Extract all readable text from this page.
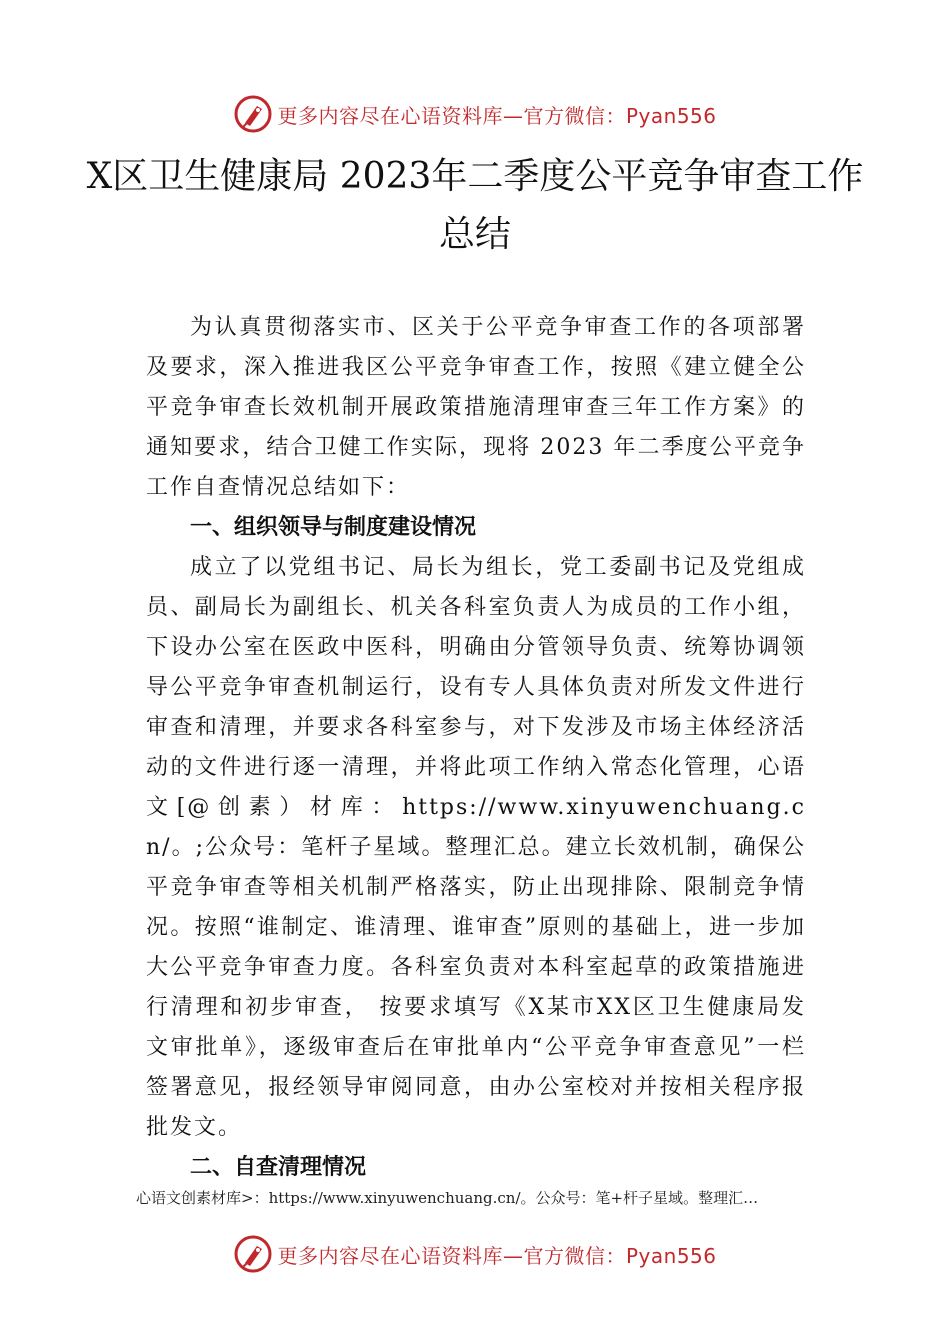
更多内容尽在心语资料库—官方微信：Pyan556
X区卫生健康局 2023年二季度公平竞争审查工作总结

为认真贯彻落实市、区关于公平竞争审查工作的各项部署及要求，深入推进我区公平竞争审查工作，按照《建立健全公平竞争审查长效机制开展政策措施清理审查三年工作方案》的通知要求，结合卫健工作实际，现将 2023 年二季度公平竞争工作自查情况总结如下：

一、组织领导与制度建设情况

成立了以党组书记、局长为组长，党工委副书记及党组成员、副局长为副组长、机关各科室负责人为成员的工作小组，下设办公室在医政中医科，明确由分管领导负责、统筹协调领导公平竞争审查机制运行，设有专人具体负责对所发文件进行审查和清理，并要求各科室参与，对下发涉及市场主体经济活动的文件进行逐一清理，并将此项工作纳入常态化管理，心语文[@创素）材库：https://www.xinyuwenchuang.cn/。;公众号：笔杆子星域。整理汇总。建立长效机制，确保公平竞争审查等相关机制严格落实，防止出现排除、限制竞争情况。按照“谁制定、谁清理、谁审查”原则的基础上，进一步加大公平竞争审查力度。各科室负责对本科室起草的政策措施进行清理和初步审查， 按要求填写《X某市XX区卫生健康局发文审批单》，逐级审查后在审批单内“公平竞争审查意见”一栏签署意见，报经领导审阅同意，由办公室校对并按相关程序报批发文。

二、自查清理情况

心语文创素材库>：https://www.xinyuwenchuang.cn/。公众号：笔+杆子星域。整理汇…
更多内容尽在心语资料库—官方微信：Pyan556
